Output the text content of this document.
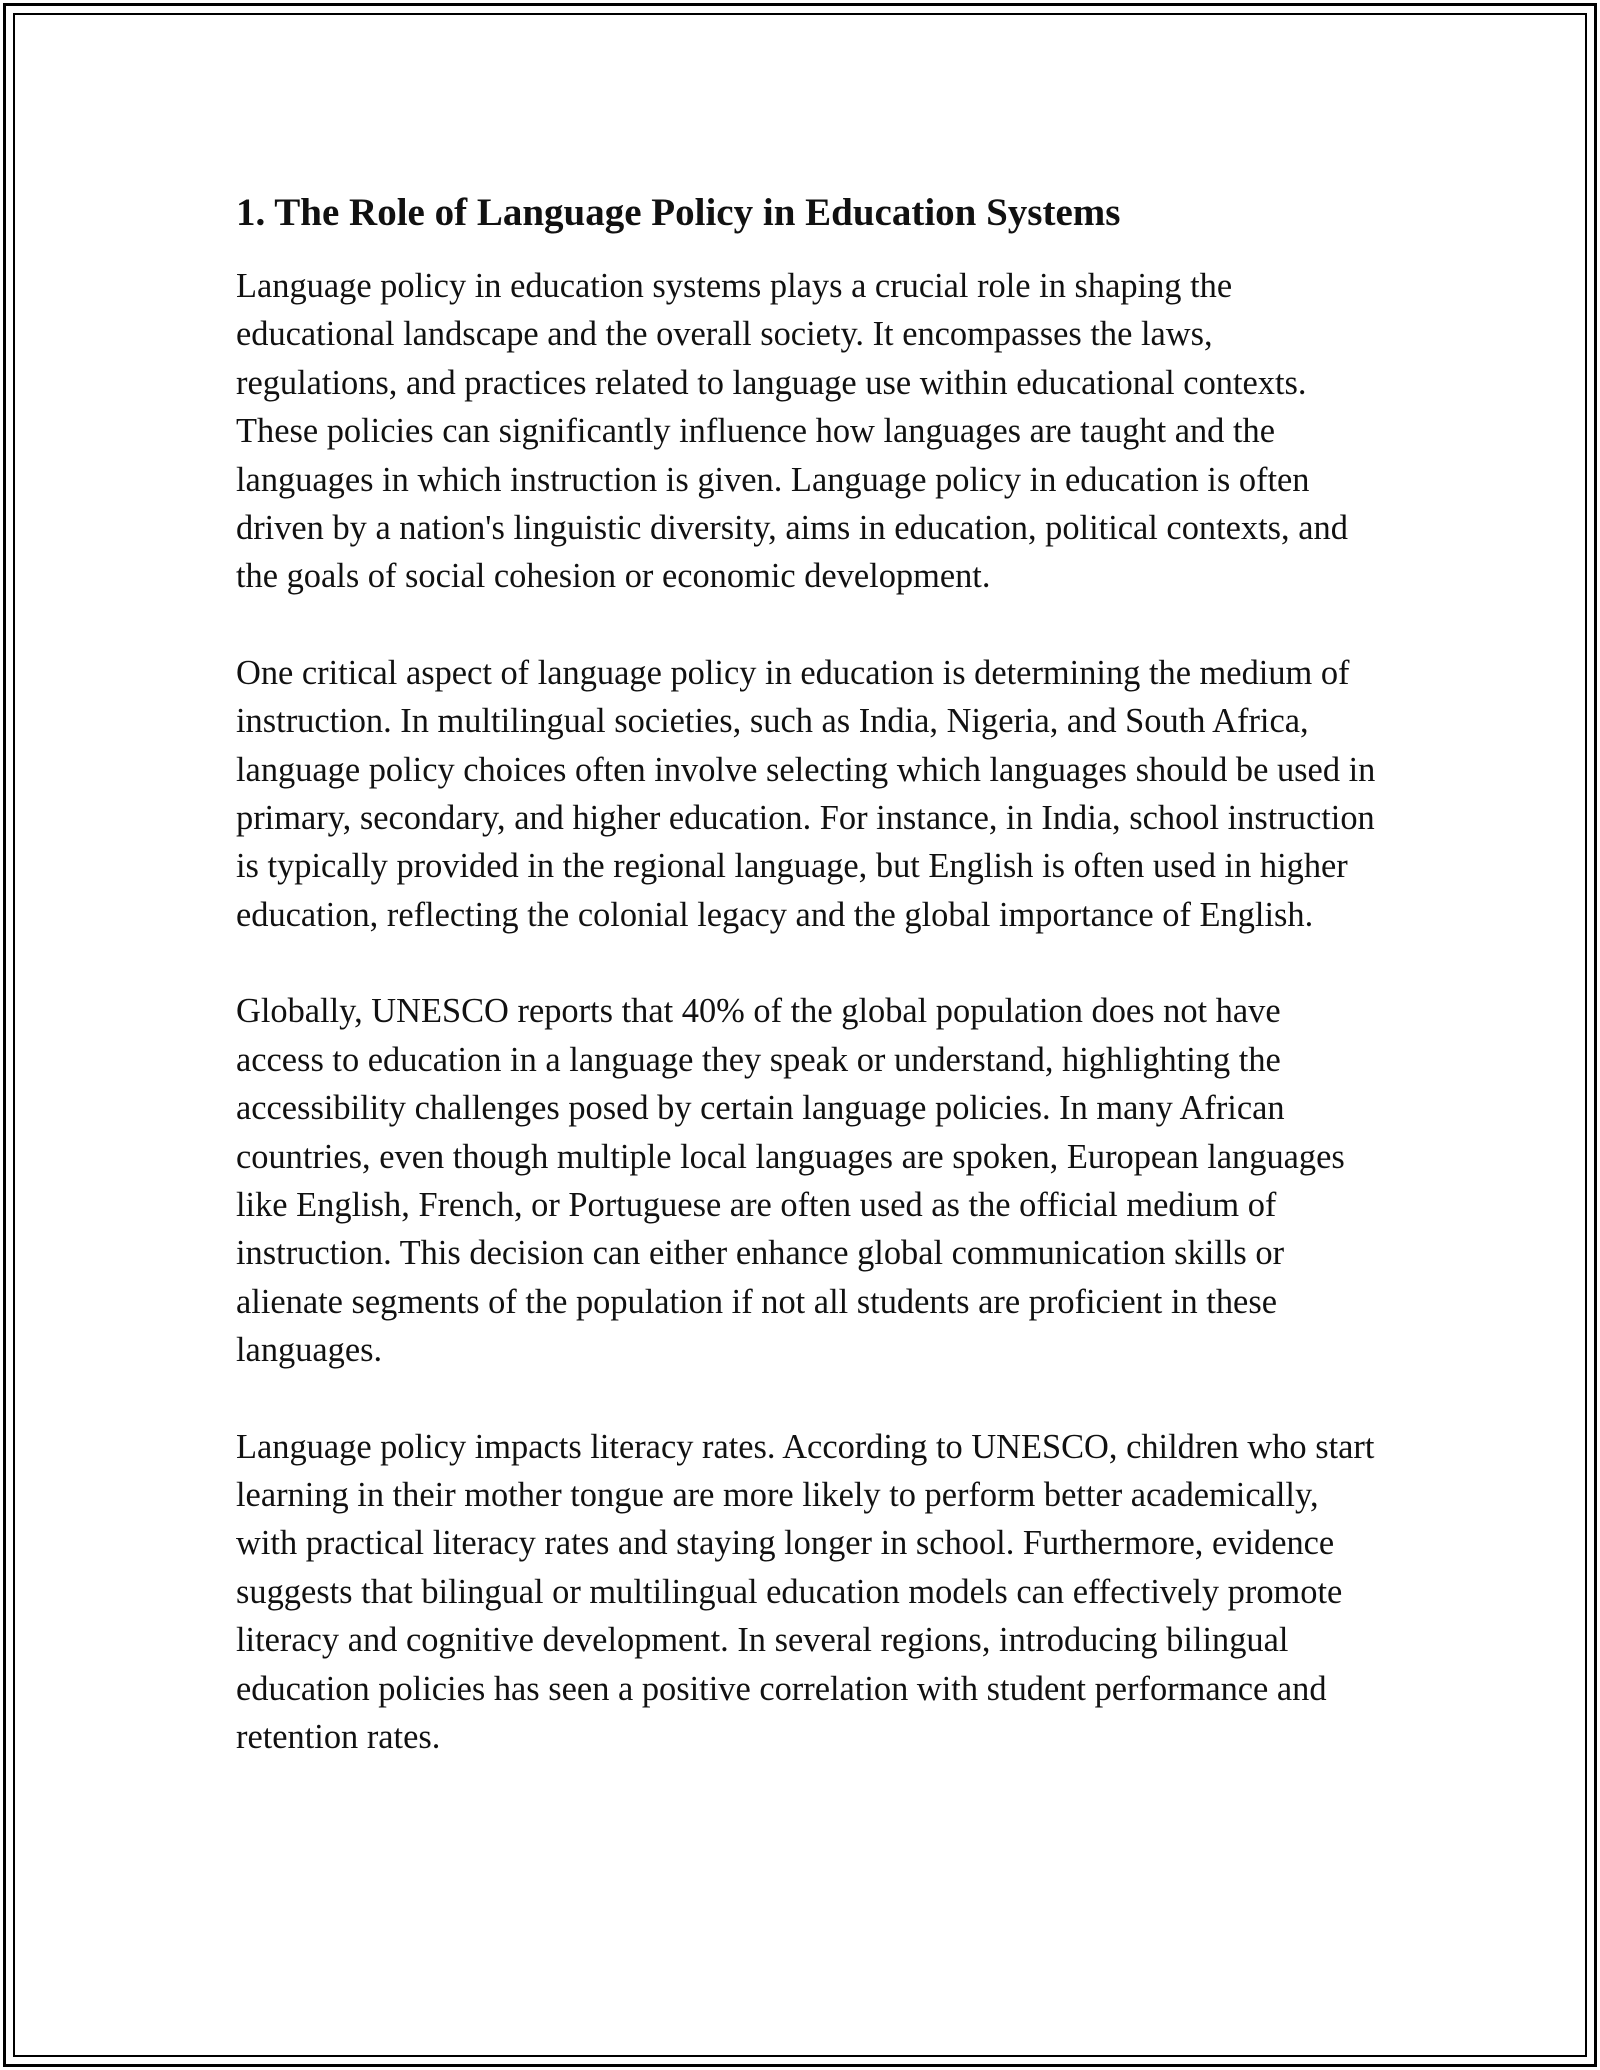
1. The Role of Language Policy in Education Systems

Language policy in education systems plays a crucial role in shaping the educational landscape and the overall society. It encompasses the laws, regulations, and practices related to language use within educational contexts. These policies can significantly influence how languages are taught and the languages in which instruction is given. Language policy in education is often driven by a nation's linguistic diversity, aims in education, political contexts, and the goals of social cohesion or economic development.

One critical aspect of language policy in education is determining the medium of instruction. In multilingual societies, such as India, Nigeria, and South Africa, language policy choices often involve selecting which languages should be used in primary, secondary, and higher education. For instance, in India, school instruction is typically provided in the regional language, but English is often used in higher education, reflecting the colonial legacy and the global importance of English.

Globally, UNESCO reports that 40% of the global population does not have access to education in a language they speak or understand, highlighting the accessibility challenges posed by certain language policies. In many African countries, even though multiple local languages are spoken, European languages like English, French, or Portuguese are often used as the official medium of instruction. This decision can either enhance global communication skills or alienate segments of the population if not all students are proficient in these languages.

Language policy impacts literacy rates. According to UNESCO, children who start learning in their mother tongue are more likely to perform better academically, with practical literacy rates and staying longer in school. Furthermore, evidence suggests that bilingual or multilingual education models can effectively promote literacy and cognitive development. In several regions, introducing bilingual education policies has seen a positive correlation with student performance and retention rates.
